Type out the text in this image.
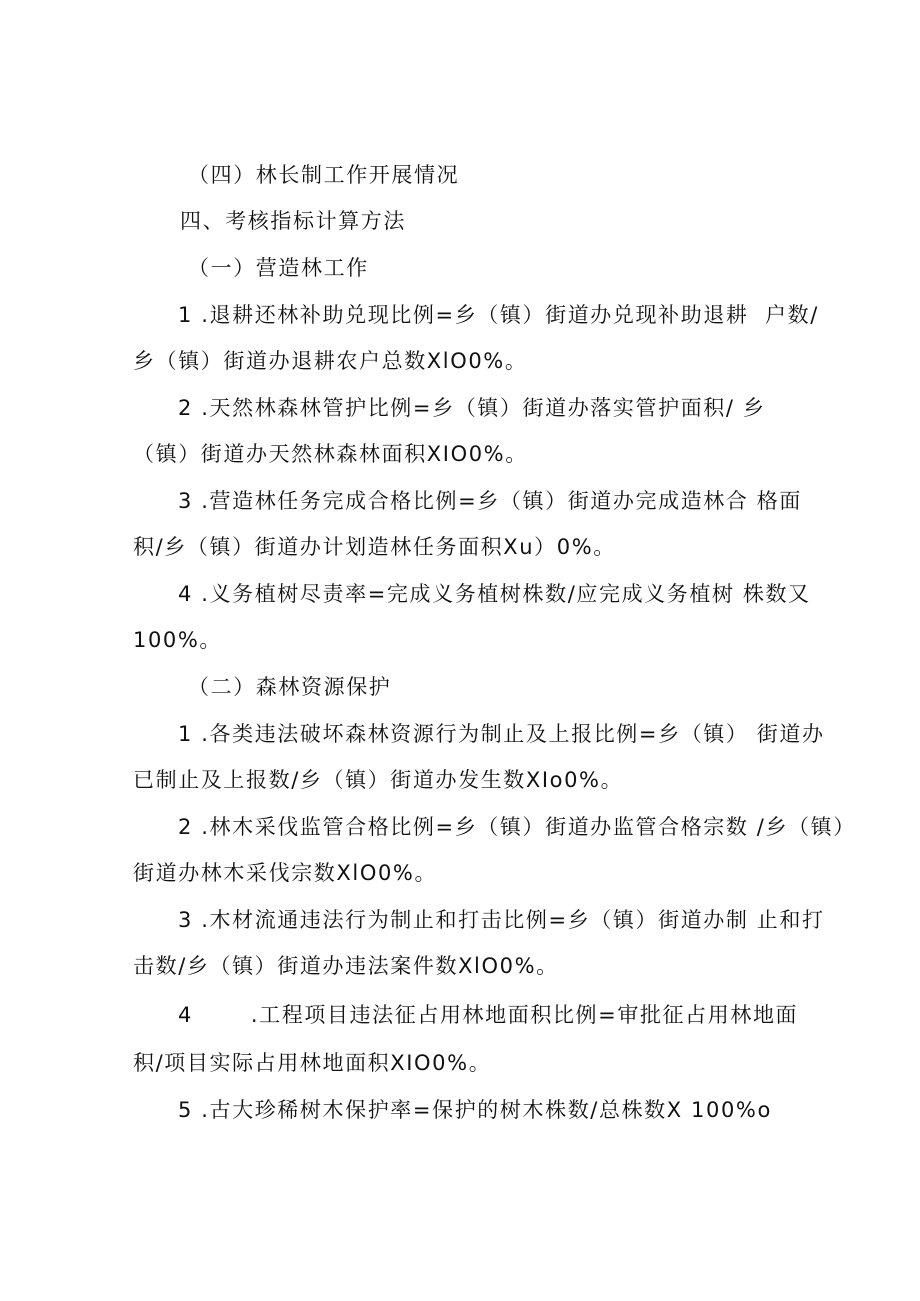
（四）林长制工作开展情况
四、考核指标计算方法
（一）营造林工作
1 .退耕还林补助兑现比例=乡（镇）街道办兑现补助退耕  户数/
乡（镇）街道办退耕农户总数XlO0%。
2 .天然林森林管护比例=乡（镇）街道办落实管护面积/ 乡
（镇）街道办天然林森林面积XIO0%。
3 .营造林任务完成合格比例=乡（镇）街道办完成造林合 格面
积/乡（镇）街道办计划造林任务面积Xu）0%。
4 .义务植树尽责率=完成义务植树株数/应完成义务植树 株数又
100%。
（二）森林资源保护
1 .各类违法破坏森林资源行为制止及上报比例=乡（镇） 街道办
已制止及上报数/乡（镇）街道办发生数XIo0%。
2 .林木采伐监管合格比例=乡（镇）街道办监管合格宗数 /乡（镇）
街道办林木采伐宗数XlO0%。
3 .木材流通违法行为制止和打击比例=乡（镇）街道办制 止和打
击数/乡（镇）街道办违法案件数XlO0%。
4       .工程项目违法征占用林地面积比例=审批征占用林地面
积/项目实际占用林地面积XIO0%。
5 .古大珍稀树木保护率=保护的树木株数/总株数X 100%o
